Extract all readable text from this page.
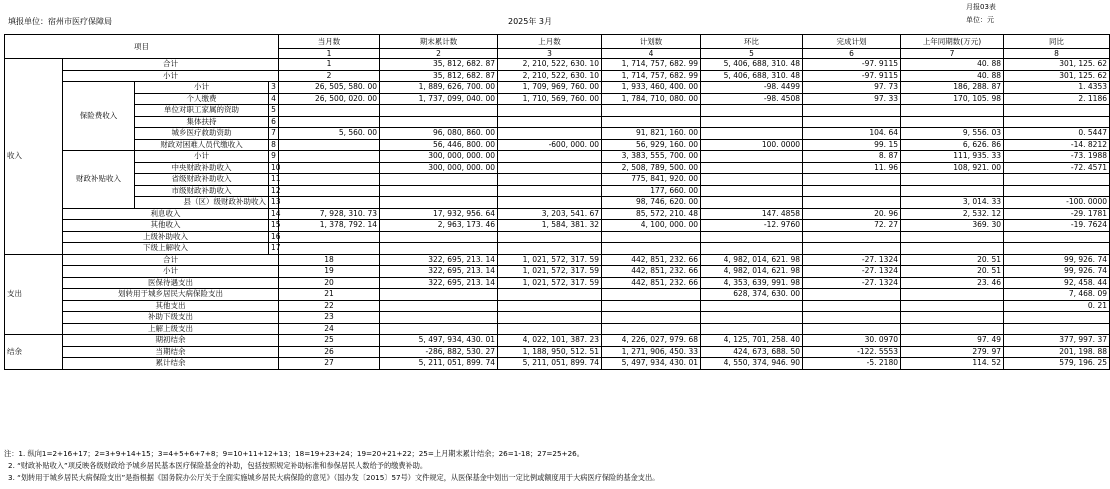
月报03表
填报单位：宿州市医疗保障局	2025年 3月	单位：元
项目				当月数	期末累计数	上月数	计划数	环比	完成计划	上年同期数(万元)	同比	
				1	2	3	4	5	6	7	8	
收入	合计			1	35, 812, 682. 87	2, 210, 522, 630. 10	1, 714, 757, 682. 99	5, 406, 688, 310. 48	-97. 9115	40. 88	301, 125. 62	
	小计			2	35, 812, 682. 87	2, 210, 522, 630. 10	1, 714, 757, 682. 99	5, 406, 688, 310. 48	-97. 9115	40. 88	301, 125. 62	
	保险费收入	小计	3	26, 505, 580. 00	1, 889, 626, 700. 00	1, 709, 969, 760. 00	1, 933, 460, 400. 00	-98. 4499	97. 73	186, 288. 87	1. 4353	
		个人缴费	4	26, 500, 020. 00	1, 737, 099, 040. 00	1, 710, 569, 760. 00	1, 784, 710, 080. 00	-98. 4508	97. 33	170, 105. 98	2. 1186	
		单位对职工家属的资助	5									
		集体扶持	6									
		城乡医疗救助资助	7	5, 560. 00	96, 080, 860. 00		91, 821, 160. 00		104. 64	9, 556. 03	0. 5447	
		财政对困难人员代缴收入	8		56, 446, 800. 00	-600, 000. 00	56, 929, 160. 00	100. 0000	99. 15	6, 626. 86	-14. 8212	
	财政补贴收入	小计	9		300, 000, 000. 00		3, 383, 555, 700. 00		8. 87	111, 935. 33	-73. 1988	
		中央财政补助收入	10		300, 000, 000. 00		2, 508, 789, 500. 00		11. 96	108, 921. 00	-72. 4571	
		省级财政补助收入	11				775, 841, 920. 00					
		市级财政补助收入	12				177, 660. 00					
		县（区）级财政补助收入	13				98, 746, 620. 00			3, 014. 33	-100. 0000	
	利息收入		14	7, 928, 310. 73	17, 932, 956. 64	3, 203, 541. 67	85, 572, 210. 48	147. 4858	20. 96	2, 532. 12	-29. 1781	
	其他收入		15	1, 378, 792. 14	2, 963, 173. 46	1, 584, 381. 32	4, 100, 000. 00	-12. 9760	72. 27	369. 30	-19. 7624	
	上级补助收入		16									
	下级上解收入		17									
支出	合计			18	322, 695, 213. 14	1, 021, 572, 317. 59	442, 851, 232. 66	4, 982, 014, 621. 98	-27. 1324	20. 51	99, 926. 74	
	小计			19	322, 695, 213. 14	1, 021, 572, 317. 59	442, 851, 232. 66	4, 982, 014, 621. 98	-27. 1324	20. 51	99, 926. 74	
	医保待遇支出			20	322, 695, 213. 14	1, 021, 572, 317. 59	442, 851, 232. 66	4, 353, 639, 991. 98	-27. 1324	23. 46	92, 458. 44	
	划转用于城乡居民大病保险支出			21				628, 374, 630. 00			7, 468. 09	
	其他支出			22							0. 21	
	补助下级支出			23								
	上解上级支出			24								
结余	期初结余			25	5, 497, 934, 430. 01	4, 022, 101, 387. 23	4, 226, 027, 979. 68	4, 125, 701, 258. 40	30. 0970	97. 49	377, 997. 37	
	当期结余			26	-286, 882, 530. 27	1, 188, 950, 512. 51	1, 271, 906, 450. 33	424, 673, 688. 50	-122. 5553	279. 97	201, 198. 88	
	累计结余			27	5, 211, 051, 899. 74	5, 211, 051, 899. 74	5, 497, 934, 430. 01	4, 550, 374, 946. 90	-5. 2180	114. 52	579, 196. 25	
注：1. 纵向1=2+16+17；2=3+9+14+15；3=4+5+6+7+8；9=10+11+12+13；18=19+23+24；19=20+21+22；25=上月期末累计结余；26=1-18；27=25+26。
2. “财政补贴收入”项反映各级财政给予城乡居民基本医疗保险基金的补助，包括按照规定补助标准和参保居民人数给予的缴费补助。
3. “划转用于城乡居民大病保险支出”是指根据《国务院办公厅关于全面实施城乡居民大病保险的意见》（国办发〔2015〕57号）文件规定，从医保基金中划出一定比例或额度用于大病医疗保险的基金支出。
